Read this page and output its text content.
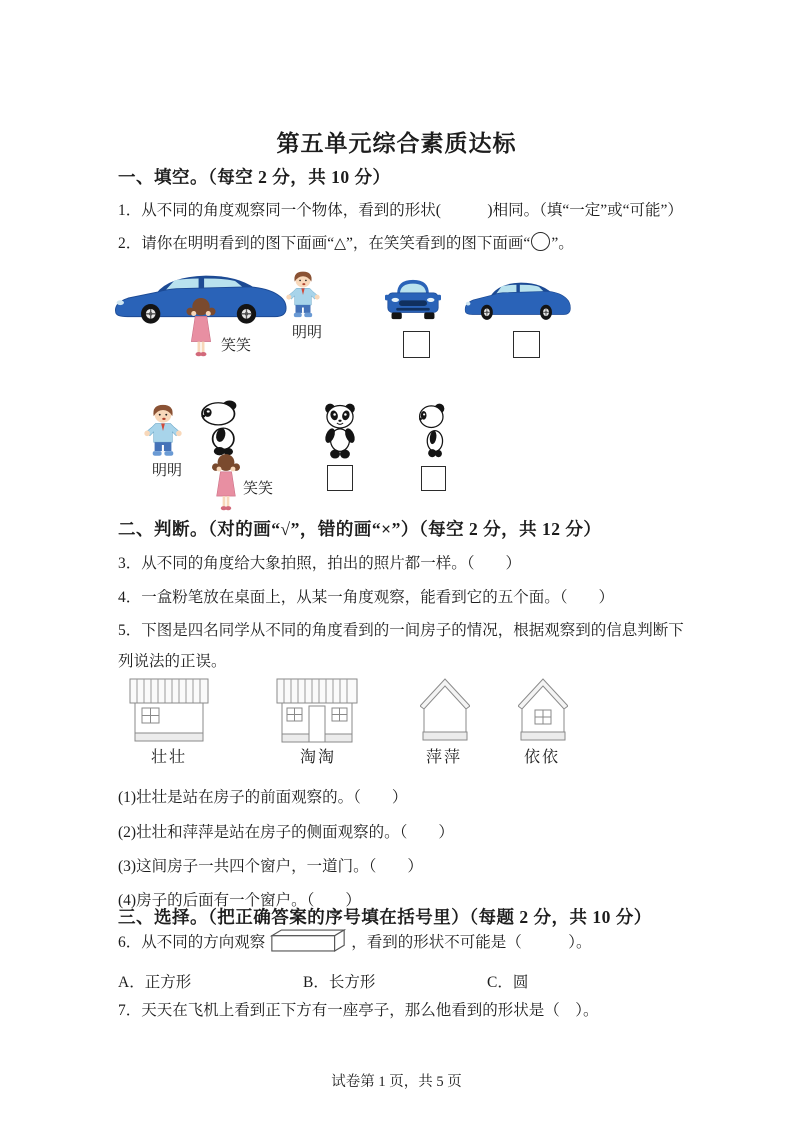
第五单元综合素质达标
一、填空。（每空 2 分，共 10 分）
1．从不同的角度观察同一个物体，看到的形状(　　　)相同。（填“一定”或“可能”）
2．请你在明明看到的图下面画“△”，在笑笑看到的图下面画“ ”。
笑笑
明明
明明
笑笑
二、判断。（对的画“√”，错的画“×”）（每空 2 分，共 12 分）
3．从不同的角度给大象拍照，拍出的照片都一样。（　　）
4．一盒粉笔放在桌面上，从某一角度观察，能看到它的五个面。（　　）
5．下图是四名同学从不同的角度看到的一间房子的情况，根据观察到的信息判断下列说法的正误。
壮壮	淘淘	萍萍	依依
(1)壮壮是站在房子的前面观察的。（　　）
(2)壮壮和萍萍是站在房子的侧面观察的。（　　）
(3)这间房子一共四个窗户，一道门。（　　）
(4)房子的后面有一个窗户。（　　）
三、选择。（把正确答案的序号填在括号里）（每题 2 分，共 10 分）
6．从不同的方向观察	，看到的形状不可能是（　　　）。
A．正方形	B．长方形	C．圆
7．天天在飞机上看到正下方有一座亭子，那么他看到的形状是（　）。
试卷第 1 页，共 5 页
